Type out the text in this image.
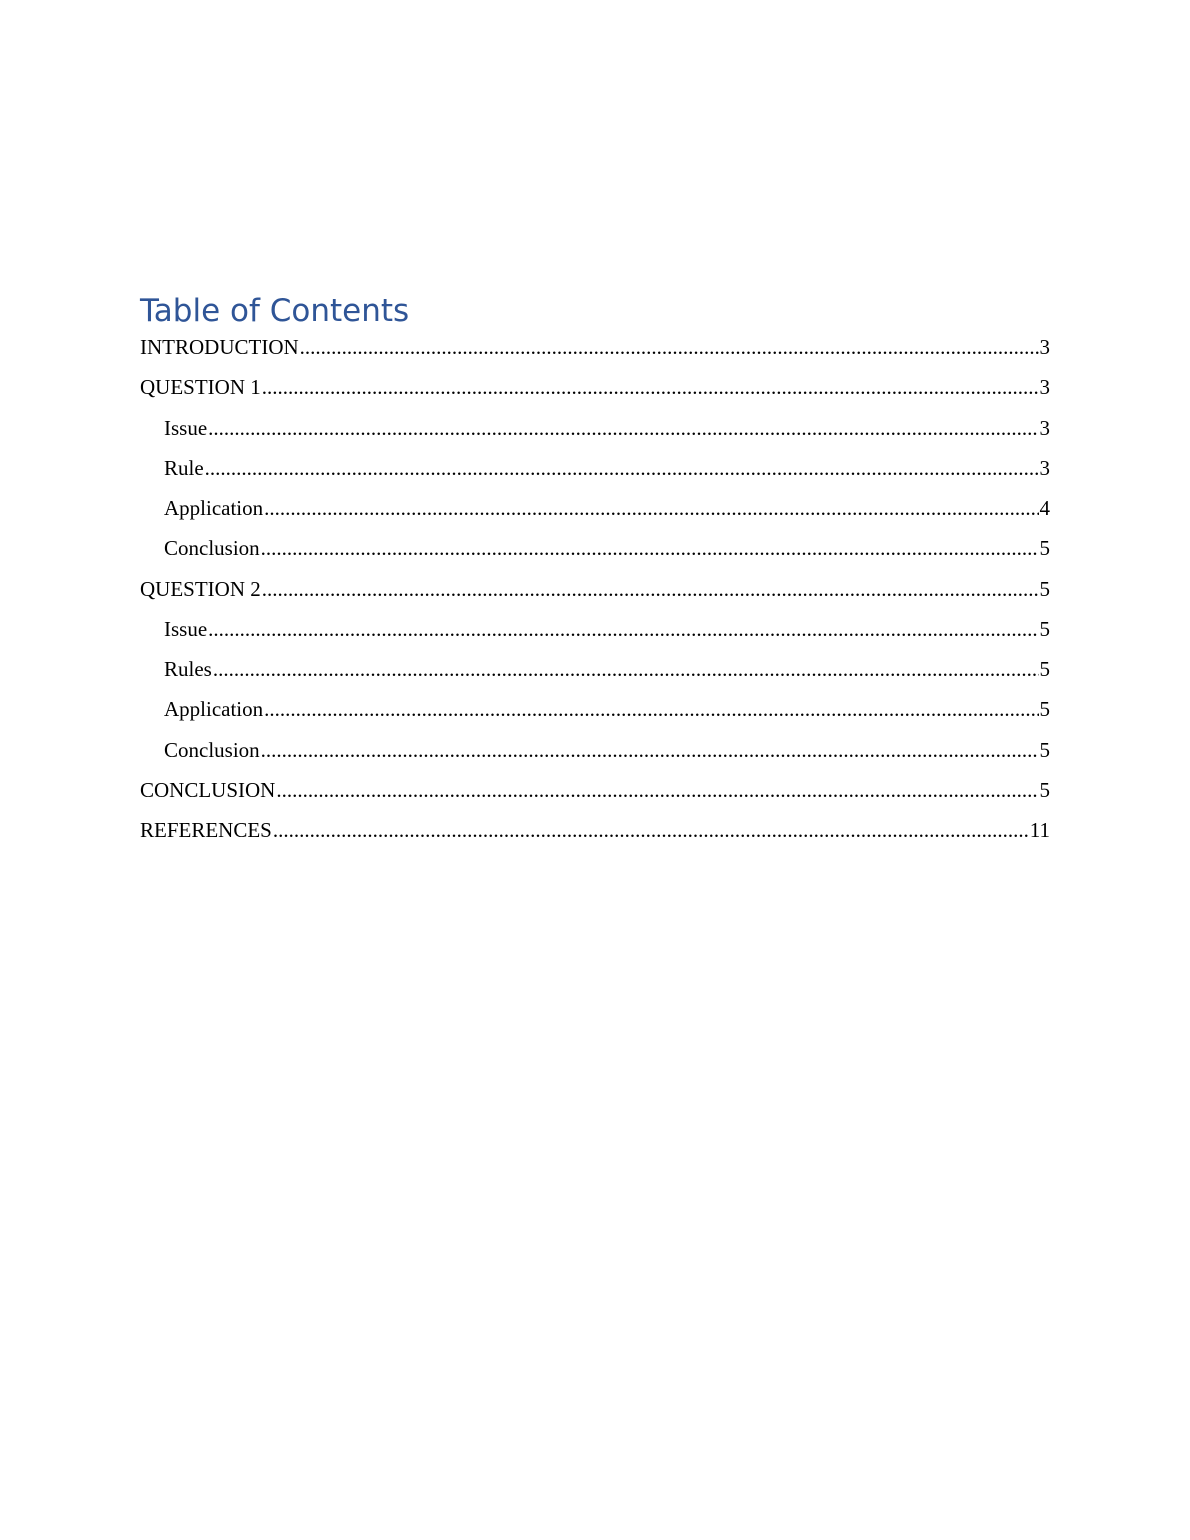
Table of Contents
INTRODUCTION .....	3
QUESTION 1 .....	3
Issue .....	3
Rule .....	3
Application .....	4
Conclusion .....	5
QUESTION 2 .....	5
Issue .....	5
Rules .....	5
Application .....	5
Conclusion .....	5
CONCLUSION .....	5
REFERENCES .....	11
